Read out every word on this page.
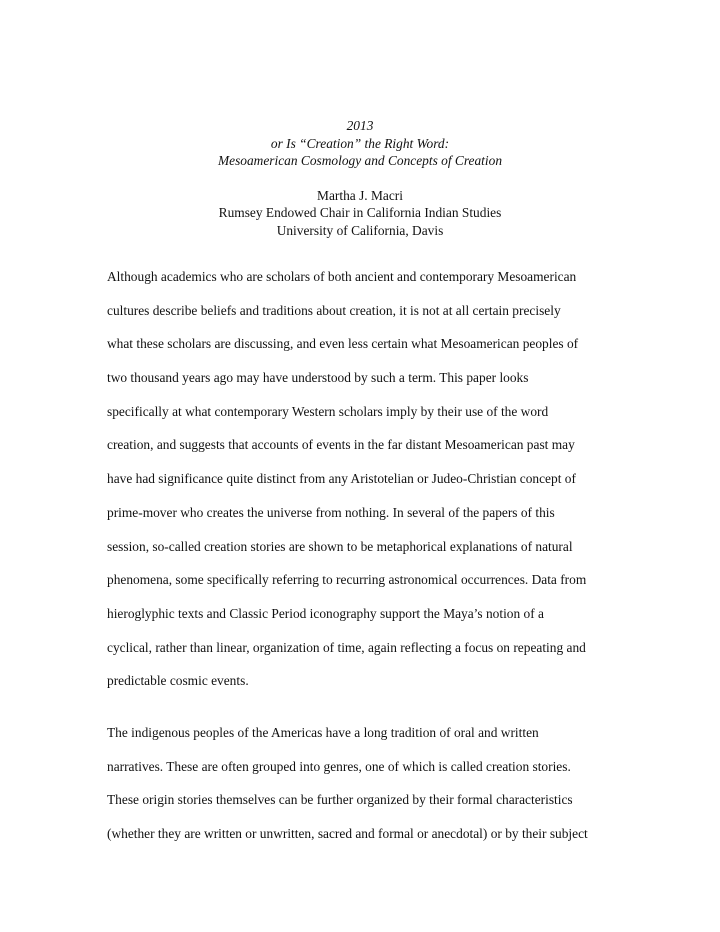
2013
or Is “Creation” the Right Word:
Mesoamerican Cosmology and Concepts of Creation
Martha J. Macri
Rumsey Endowed Chair in California Indian Studies
University of California, Davis
Although academics who are scholars of both ancient and contemporary Mesoamerican
cultures describe beliefs and traditions about creation, it is not at all certain precisely
what these scholars are discussing, and even less certain what Mesoamerican peoples of
two thousand years ago may have understood by such a term. This paper looks
specifically at what contemporary Western scholars imply by their use of the word
creation, and suggests that accounts of events in the far distant Mesoamerican past may
have had significance quite distinct from any Aristotelian or Judeo-Christian concept of
prime-mover who creates the universe from nothing. In several of the papers of this
session, so-called creation stories are shown to be metaphorical explanations of natural
phenomena, some specifically referring to recurring astronomical occurrences. Data from
hieroglyphic texts and Classic Period iconography support the Maya’s notion of a
cyclical, rather than linear, organization of time, again reflecting a focus on repeating and
predictable cosmic events.
The indigenous peoples of the Americas have a long tradition of oral and written
narratives. These are often grouped into genres, one of which is called creation stories.
These origin stories themselves can be further organized by their formal characteristics
(whether they are written or unwritten, sacred and formal or anecdotal) or by their subject
